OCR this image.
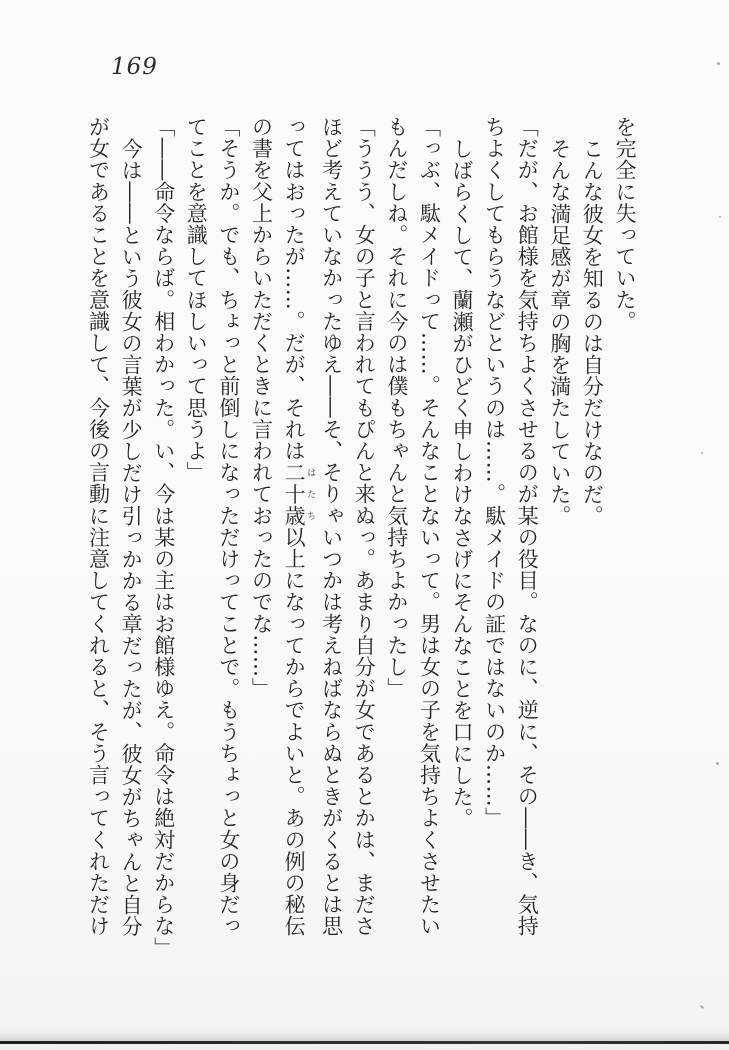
169
を完全に失っていた。
こんな彼女を知るのは自分だけなのだ。
そんな満足感が章の胸を満たしていた。
「だが、お館様を気持ちよくさせるのが某の役目。なのに、逆に、その――き、気持
ちよくしてもらうなどというのは……。駄メイドの証ではないのか……」
しばらくして、蘭瀬がひどく申しわけなさげにそんなことを口にした。
「っぶ、駄メイドって……。そんなことないって。男は女の子を気持ちよくさせたい
もんだしね。それに今のは僕もちゃんと気持ちよかったし」
「ううう、女の子と言われてもぴんと来ぬっ。あまり自分が女であるとかは、まださ
ほど考えていなかったゆえ――そ、そりゃいつかは考えねばならぬときがくるとは思
ってはおったが……。だが、それは二十歳 はたち以上になってからでよいと。あの例の秘伝
の書を父上からいただくときに言われておったのでな……」
「そうか。でも、ちょっと前倒しになっただけってことで。もうちょっと女の身だっ
てことを意識してほしいって思うよ」
「――命令ならば。相わかった。い、今は某の主はお館様ゆえ。命令は絶対だからな」
今は――という彼女の言葉が少しだけ引っかかる章だったが、彼女がちゃんと自分
が女であることを意識して、今後の言動に注意してくれると、そう言ってくれただけ
